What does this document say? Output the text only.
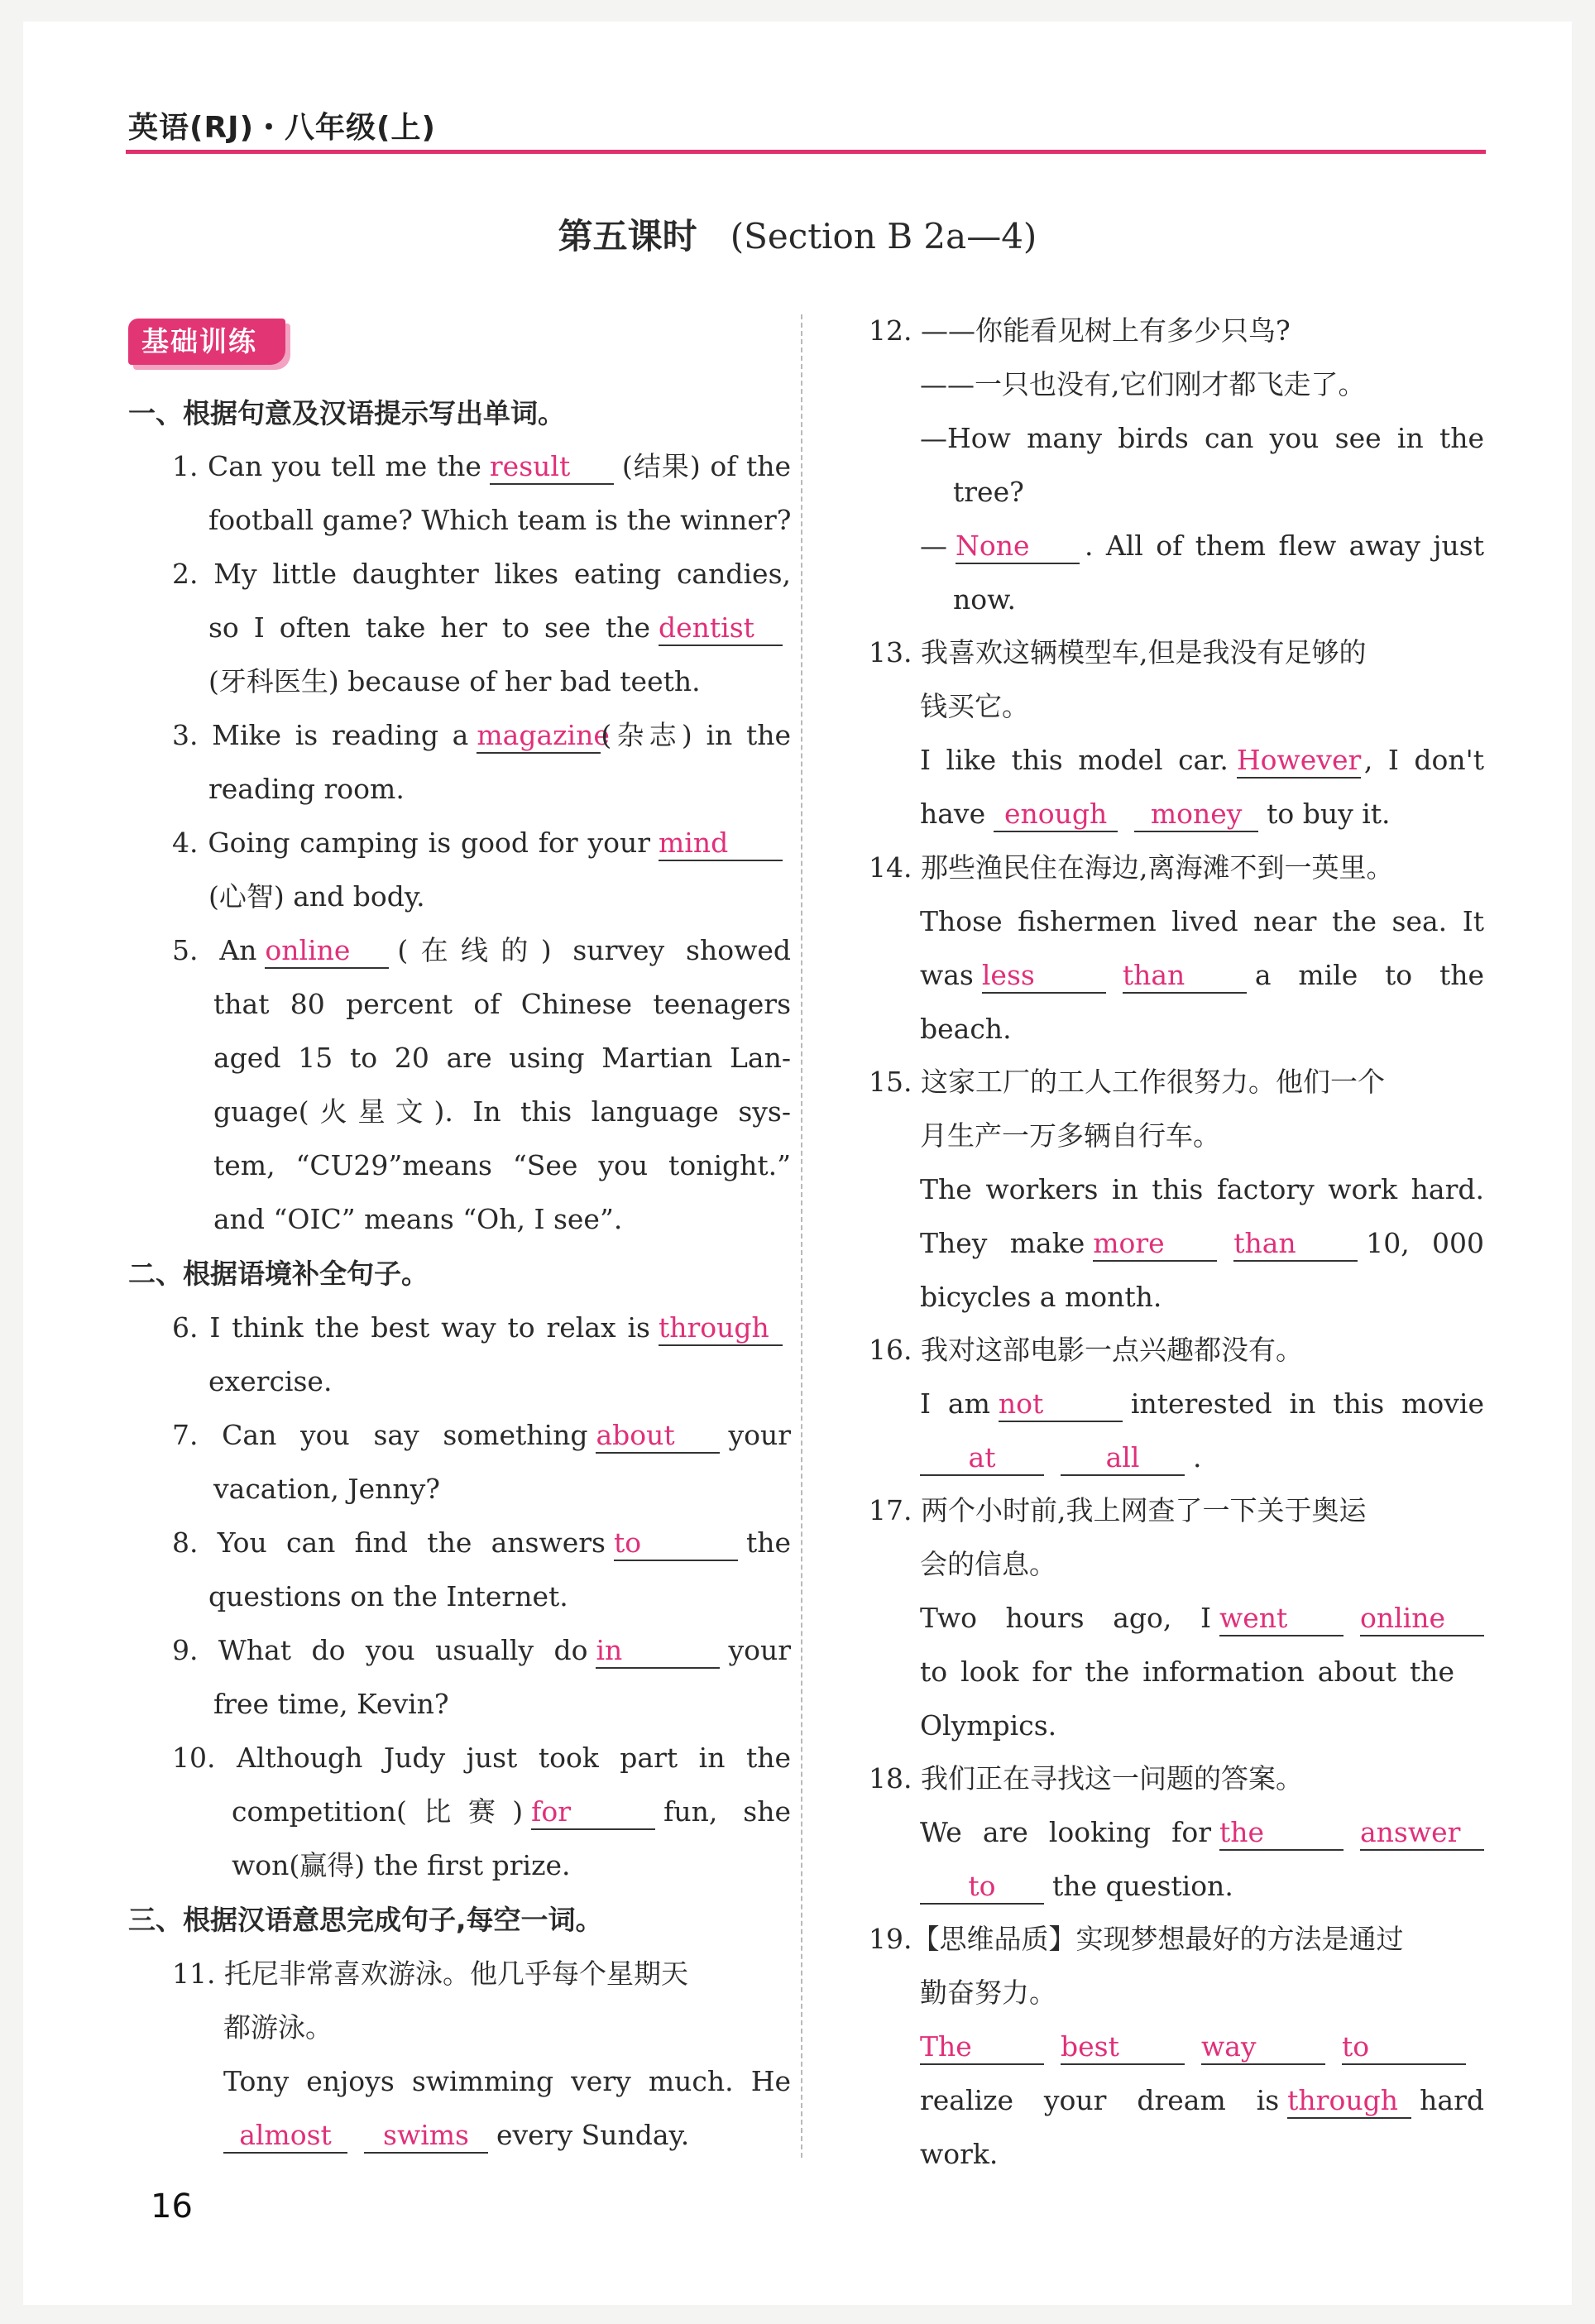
英语(RJ)・八年级(上)
第五课时 (Section B 2a—4)
基础训练
一、根据句意及汉语提示写出单词。
1. Can you tell me the result (结果) of the
football game? Which team is the winner?
2. My little daughter likes eating candies,
so I often take her to see the dentist
(牙科医生) because of her bad teeth.
3. Mike is reading a magazine(杂志) in the
reading room.
4. Going camping is good for your mind
(心智) and body.
5. An online (在线的) survey showed
that 80 percent of Chinese teenagers
aged 15 to 20 are using Martian Lan-
guage(火星文). In this language sys-
tem, “CU29”means “See you tonight.”
and “OIC” means “Oh, I see”.
二、根据语境补全句子。
6. I think the best way to relax is through
exercise.
7. Can you say something about your
vacation, Jenny?
8. You can find the answers to	the
questions on the Internet.
9. What do you usually do in	your
free time, Kevin?
10. Although Judy just took part in the
competition(比赛) for	fun, she
won(赢得) the first prize.
三、根据汉语意思完成句子,每空一词。
11. 托尼非常喜欢游泳。他几乎每个星期天
都游泳。
Tony enjoys swimming very much. He
almost swims every Sunday.
12. ——你能看见树上有多少只鸟?
——一只也没有,它们刚才都飞走了。
—How many birds can you see in the
tree?
— None . All of them flew away just
now.
13. 我喜欢这辆模型车,但是我没有足够的
钱买它。
I like this model car. However , I don't
have enough money to buy it.
14. 那些渔民住在海边,离海滩不到一英里。
Those fishermen lived near the sea. It
was less	than	a mile to the
beach.
15. 这家工厂的工人工作很努力。他们一个
月生产一万多辆自行车。
The workers in this factory work hard.
They make more	than	10, 000
bicycles a month.
16. 我对这部电影一点兴趣都没有。
I am not	interested in this movie
at	all .
17. 两个小时前,我上网查了一下关于奥运
会的信息。
Two hours ago, I went	online
to look for the information about the
Olympics.
18. 我们正在寻找这一问题的答案。
We are looking for the	answer
to the question.
19.【思维品质】实现梦想最好的方法是通过
勤奋努力。
The	best	way	to
realize your dream is through hard
work.
16
